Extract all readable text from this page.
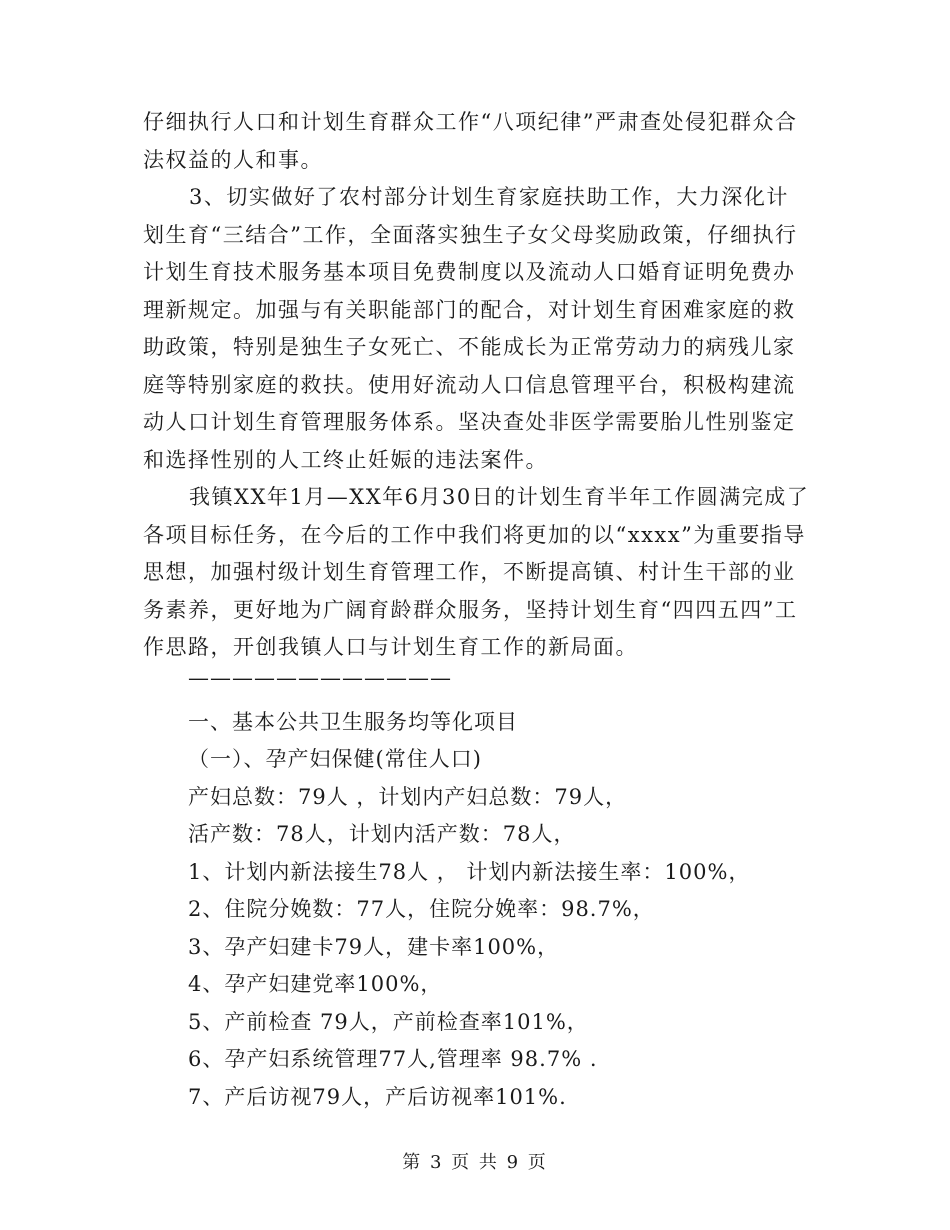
仔细执行人口和计划生育群众工作“八项纪律”严肃查处侵犯群众合法权益的人和事。

3、切实做好了农村部分计划生育家庭扶助工作，大力深化计划生育“三结合”工作，全面落实独生子女父母奖励政策，仔细执行计划生育技术服务基本项目免费制度以及流动人口婚育证明免费办理新规定。加强与有关职能部门的配合，对计划生育困难家庭的救助政策，特别是独生子女死亡、不能成长为正常劳动力的病残儿家庭等特别家庭的救扶。使用好流动人口信息管理平台，积极构建流动人口计划生育管理服务体系。坚决查处非医学需要胎儿性别鉴定和选择性别的人工终止妊娠的违法案件。

我镇XX年1月—XX年6月30日的计划生育半年工作圆满完成了各项目标任务，在今后的工作中我们将更加的以“xxxx”为重要指导思想，加强村级计划生育管理工作，不断提高镇、村计生干部的业务素养，更好地为广阔育龄群众服务，坚持计划生育“四四五四”工作思路，开创我镇人口与计划生育工作的新局面。

————————————

一、基本公共卫生服务均等化项目

（一）、孕产妇保健(常住人口)

产妇总数：79人 ，计划内产妇总数：79人，

活产数：78人，计划内活产数：78人，

1、计划内新法接生78人 ， 计划内新法接生率：100%，

2、住院分娩数：77人，住院分娩率：98.7%，

3、孕产妇建卡79人，建卡率100%，

4、孕产妇建党率100%，

5、产前检查 79人，产前检查率101%，

6、孕产妇系统管理77人,管理率 98.7% .

7、产后访视79人，产后访视率101%.

第 3 页 共 9 页
